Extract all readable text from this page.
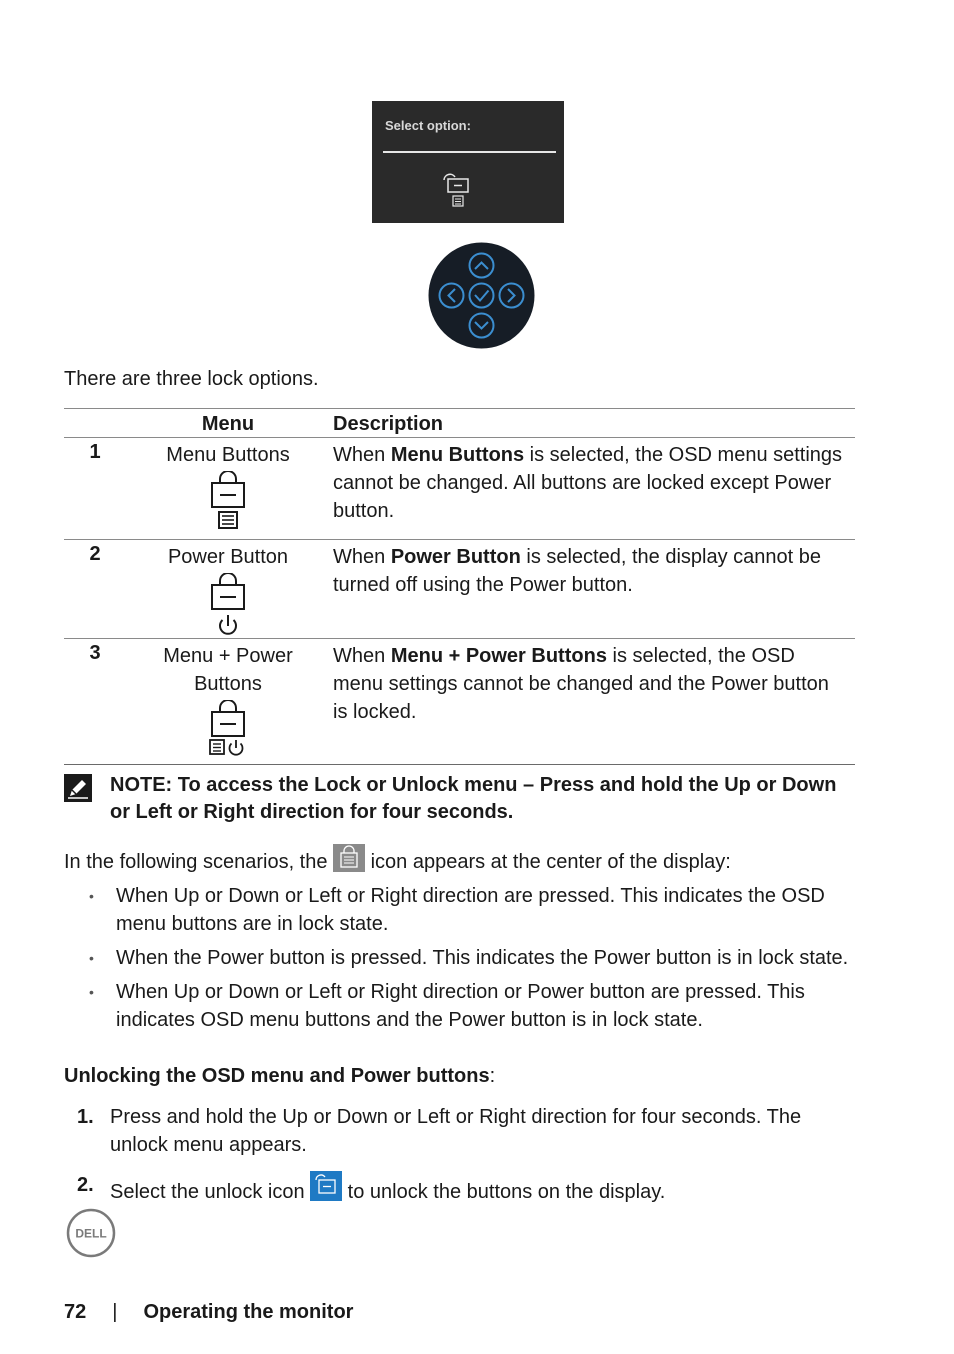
Select option:
There are three lock options.
	Menu	Description
1	Menu Buttons	When Menu Buttons is selected, the OSD menu settings cannot be changed. All buttons are locked except Power button.
2	Power Button	When Power Button is selected, the display cannot be turned off using the Power button.
3	Menu + Power
Buttons	When Menu + Power Buttons is selected, the OSD menu settings cannot be changed and the Power button is locked.
NOTE: To access the Lock or Unlock menu – Press and hold the Up or Down or Left or Right direction for four seconds.
In the following scenarios, the  icon appears at the center of the display:
• When Up or Down or Left or Right direction are pressed. This indicates the OSD menu buttons are in lock state.
• When the Power button is pressed. This indicates the Power button is in lock state.
• When Up or Down or Left or Right direction or Power button are pressed. This indicates OSD menu buttons and the Power button is in lock state.
Unlocking the OSD menu and Power buttons:
1. Press and hold the Up or Down or Left or Right direction for four seconds. The unlock menu appears.
2. Select the unlock icon  to unlock the buttons on the display.
DELL
72 | Operating the monitor
